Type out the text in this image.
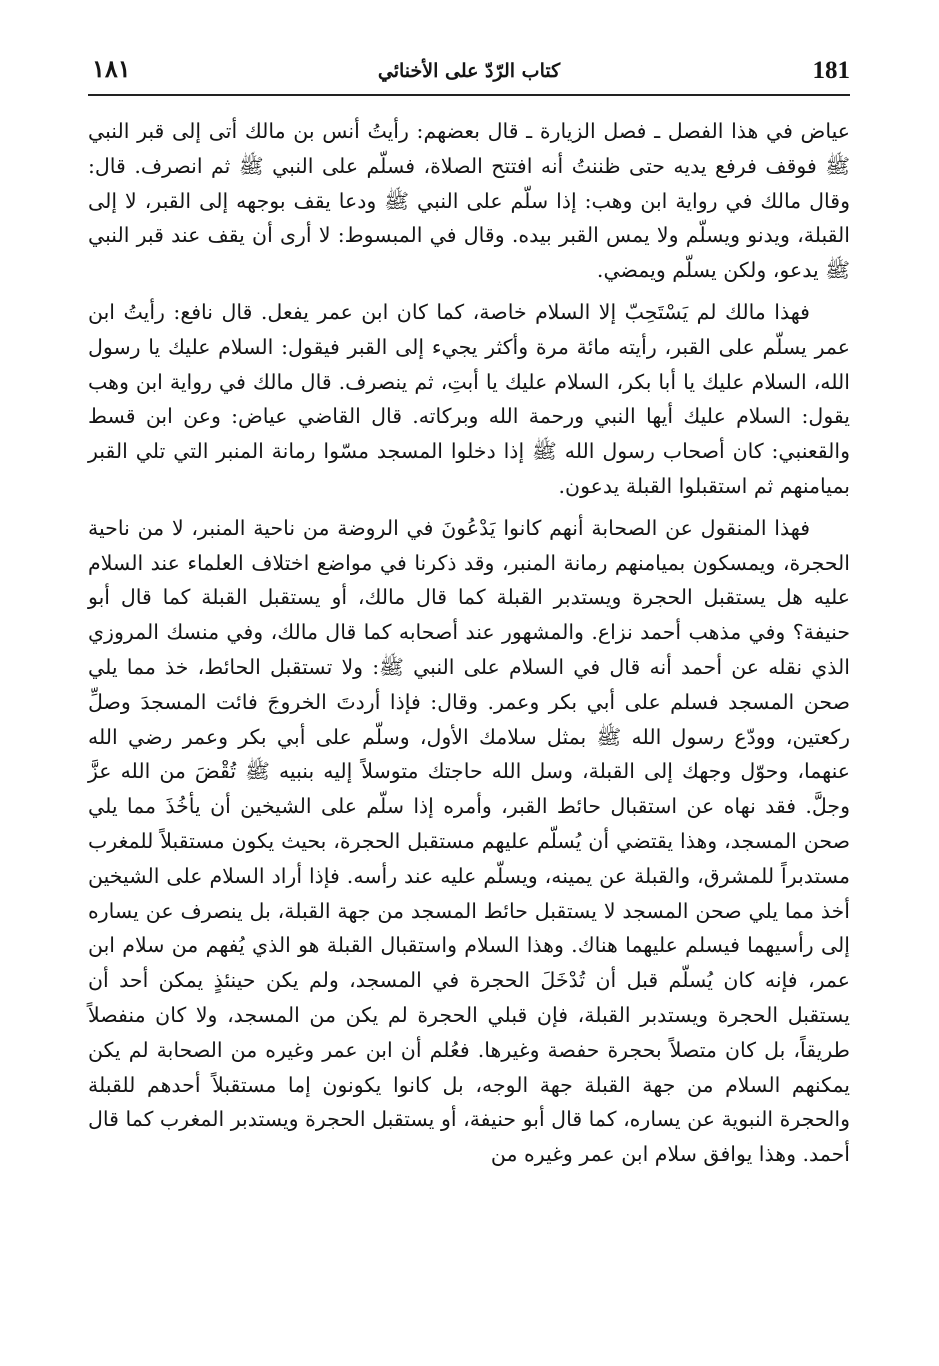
181
كتاب الرّدّ على الأخنائي
١٨١

عياض في هذا الفصل ـ فصل الزيارة ـ قال بعضهم: رأيتُ أنس بن مالك أتى إلى قبر النبي ﷺ فوقف فرفع يديه حتى ظننتُ أنه افتتح الصلاة، فسلّم على النبي ﷺ ثم انصرف. قال: وقال مالك في رواية ابن وهب: إذا سلّم على النبي ﷺ ودعا يقف بوجهه إلى القبر، لا إلى القبلة، ويدنو ويسلّم ولا يمس القبر بيده. وقال في المبسوط: لا أرى أن يقف عند قبر النبي ﷺ يدعو، ولكن يسلّم ويمضي.

فهذا مالك لم يَسْتَحِبّ إلا السلام خاصة، كما كان ابن عمر يفعل. قال نافع: رأيتُ ابن عمر يسلّم على القبر، رأيته مائة مرة وأكثر يجيء إلى القبر فيقول: السلام عليك يا رسول الله، السلام عليك يا أبا بكر، السلام عليك يا أبتِ، ثم ينصرف. قال مالك في رواية ابن وهب يقول: السلام عليك أيها النبي ورحمة الله وبركاته. قال القاضي عياض: وعن ابن قسط والقعنبي: كان أصحاب رسول الله ﷺ إذا دخلوا المسجد مسّوا رمانة المنبر التي تلي القبر بميامنهم ثم استقبلوا القبلة يدعون.

فهذا المنقول عن الصحابة أنهم كانوا يَدْعُونَ في الروضة من ناحية المنبر، لا من ناحية الحجرة، ويمسكون بميامنهم رمانة المنبر، وقد ذكرنا في مواضع اختلاف العلماء عند السلام عليه هل يستقبل الحجرة ويستدبر القبلة كما قال مالك، أو يستقبل القبلة كما قال أبو حنيفة؟ وفي مذهب أحمد نزاع. والمشهور عند أصحابه كما قال مالك، وفي منسك المروزي الذي نقله عن أحمد أنه قال في السلام على النبي ﷺ: ولا تستقبل الحائط، خذ مما يلي صحن المسجد فسلم على أبي بكر وعمر. وقال: فإذا أردتَ الخروجَ فائت المسجدَ وصلِّ ركعتين، وودّع رسول الله ﷺ بمثل سلامك الأول، وسلّم على أبي بكر وعمر رضي الله عنهما، وحوّل وجهك إلى القبلة، وسل الله حاجتك متوسلاً إليه بنبيه ﷺ تُقْضَ من الله عزَّ وجلَّ. فقد نهاه عن استقبال حائط القبر، وأمره إذا سلّم على الشيخين أن يأخُذَ مما يلي صحن المسجد، وهذا يقتضي أن يُسلّم عليهم مستقبل الحجرة، بحيث يكون مستقبلاً للمغرب مستدبراً للمشرق، والقبلة عن يمينه، ويسلّم عليه عند رأسه. فإذا أراد السلام على الشيخين أخذ مما يلي صحن المسجد لا يستقبل حائط المسجد من جهة القبلة، بل ينصرف عن يساره إلى رأسيهما فيسلم عليهما هناك. وهذا السلام واستقبال القبلة هو الذي يُفهم من سلام ابن عمر، فإنه كان يُسلّم قبل أن تُدْخَلَ الحجرة في المسجد، ولم يكن حينئذٍ يمكن أحد أن يستقبل الحجرة ويستدبر القبلة، فإن قبلي الحجرة لم يكن من المسجد، ولا كان منفصلاً طريقاً، بل كان متصلاً بحجرة حفصة وغيرها. فعُلم أن ابن عمر وغيره من الصحابة لم يكن يمكنهم السلام من جهة القبلة جهة الوجه، بل كانوا يكونون إما مستقبلاً أحدهم للقبلة والحجرة النبوية عن يساره، كما قال أبو حنيفة، أو يستقبل الحجرة ويستدبر المغرب كما قال أحمد. وهذا يوافق سلام ابن عمر وغيره من
